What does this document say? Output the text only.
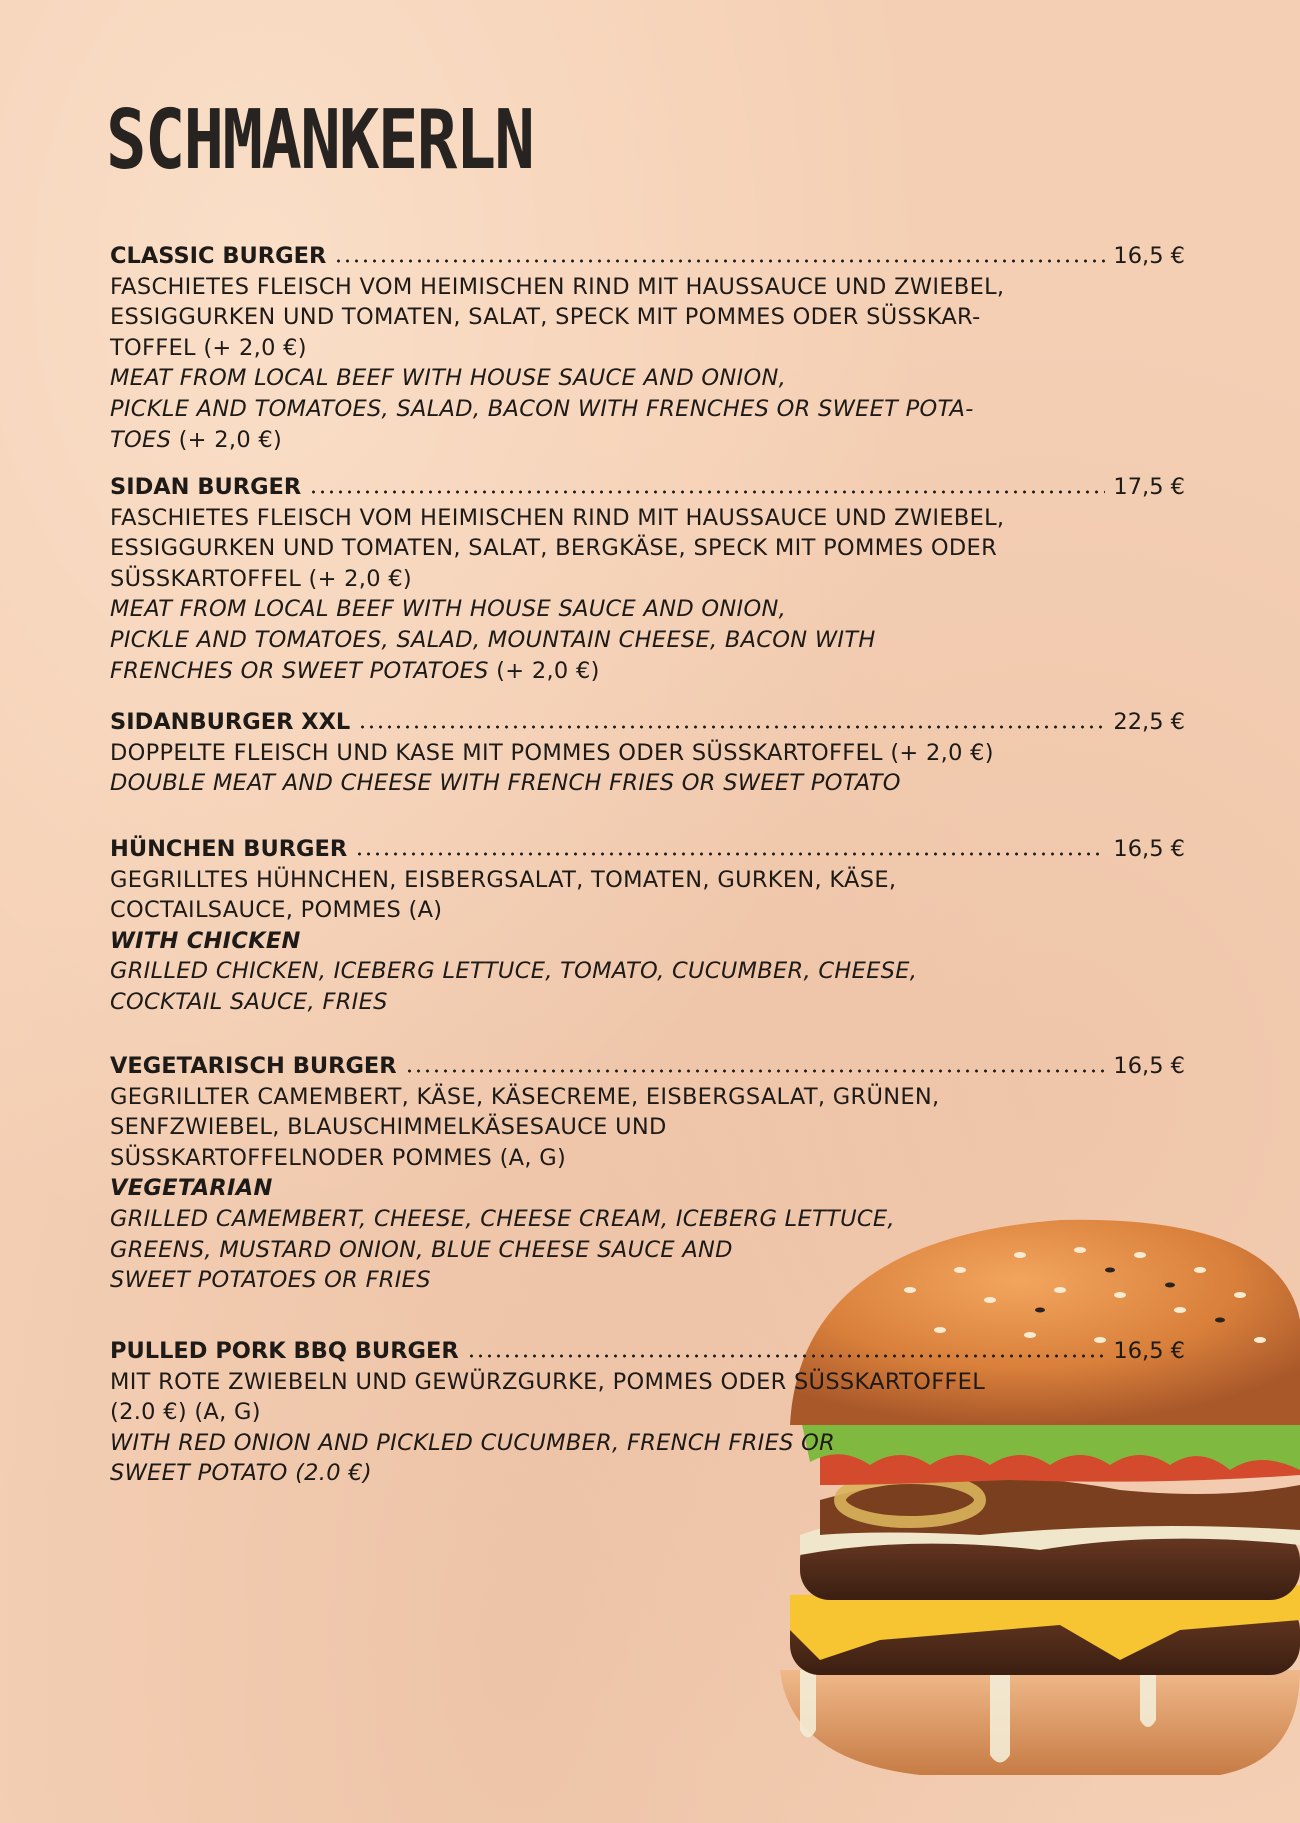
SCHMANKERLN
CLASSIC BURGER	16,5 €
FASCHIETES FLEISCH VOM HEIMISCHEN RIND MIT HAUSSAUCE UND ZWIEBEL,
ESSIGGURKEN UND TOMATEN, SALAT, SPECK MIT POMMES ODER SÜSSKAR-
TOFFEL (+ 2,0 €)
MEAT FROM LOCAL BEEF WITH HOUSE SAUCE AND ONION,
PICKLE AND TOMATOES, SALAD, BACON WITH FRENCHES OR SWEET POTA-
TOES (+ 2,0 €)
SIDAN BURGER	17,5 €
FASCHIETES FLEISCH VOM HEIMISCHEN RIND MIT HAUSSAUCE UND ZWIEBEL,
ESSIGGURKEN UND TOMATEN, SALAT, BERGKÄSE, SPECK MIT POMMES ODER
SÜSSKARTOFFEL (+ 2,0 €)
MEAT FROM LOCAL BEEF WITH HOUSE SAUCE AND ONION,
PICKLE AND TOMATOES, SALAD, MOUNTAIN CHEESE, BACON WITH
FRENCHES OR SWEET POTATOES (+ 2,0 €)
SIDANBURGER XXL	22,5 €
DOPPELTE FLEISCH UND KASE MIT POMMES ODER SÜSSKARTOFFEL (+ 2,0 €)
DOUBLE MEAT AND CHEESE WITH FRENCH FRIES OR SWEET POTATO
HÜNCHEN BURGER	16,5 €
GEGRILLTES HÜHNCHEN, EISBERGSALAT, TOMATEN, GURKEN, KÄSE,
COCTAILSAUCE, POMMES (A)
WITH CHICKEN
GRILLED CHICKEN, ICEBERG LETTUCE, TOMATO, CUCUMBER, CHEESE,
COCKTAIL SAUCE, FRIES
VEGETARISCH BURGER	16,5 €
GEGRILLTER CAMEMBERT, KÄSE, KÄSECREME, EISBERGSALAT, GRÜNEN,
SENFZWIEBEL, BLAUSCHIMMELKÄSESAUCE UND
SÜSSKARTOFFELNODER POMMES (A, G)
VEGETARIAN
GRILLED CAMEMBERT, CHEESE, CHEESE CREAM, ICEBERG LETTUCE,
GREENS, MUSTARD ONION, BLUE CHEESE SAUCE AND
SWEET POTATOES OR FRIES
PULLED PORK BBQ BURGER	16,5 €
MIT ROTE ZWIEBELN UND GEWÜRZGURKE, POMMES ODER SÜSSKARTOFFEL
(2.0 €) (A, G)
WITH RED ONION AND PICKLED CUCUMBER, FRENCH FRIES OR
SWEET POTATO (2.0 €)
